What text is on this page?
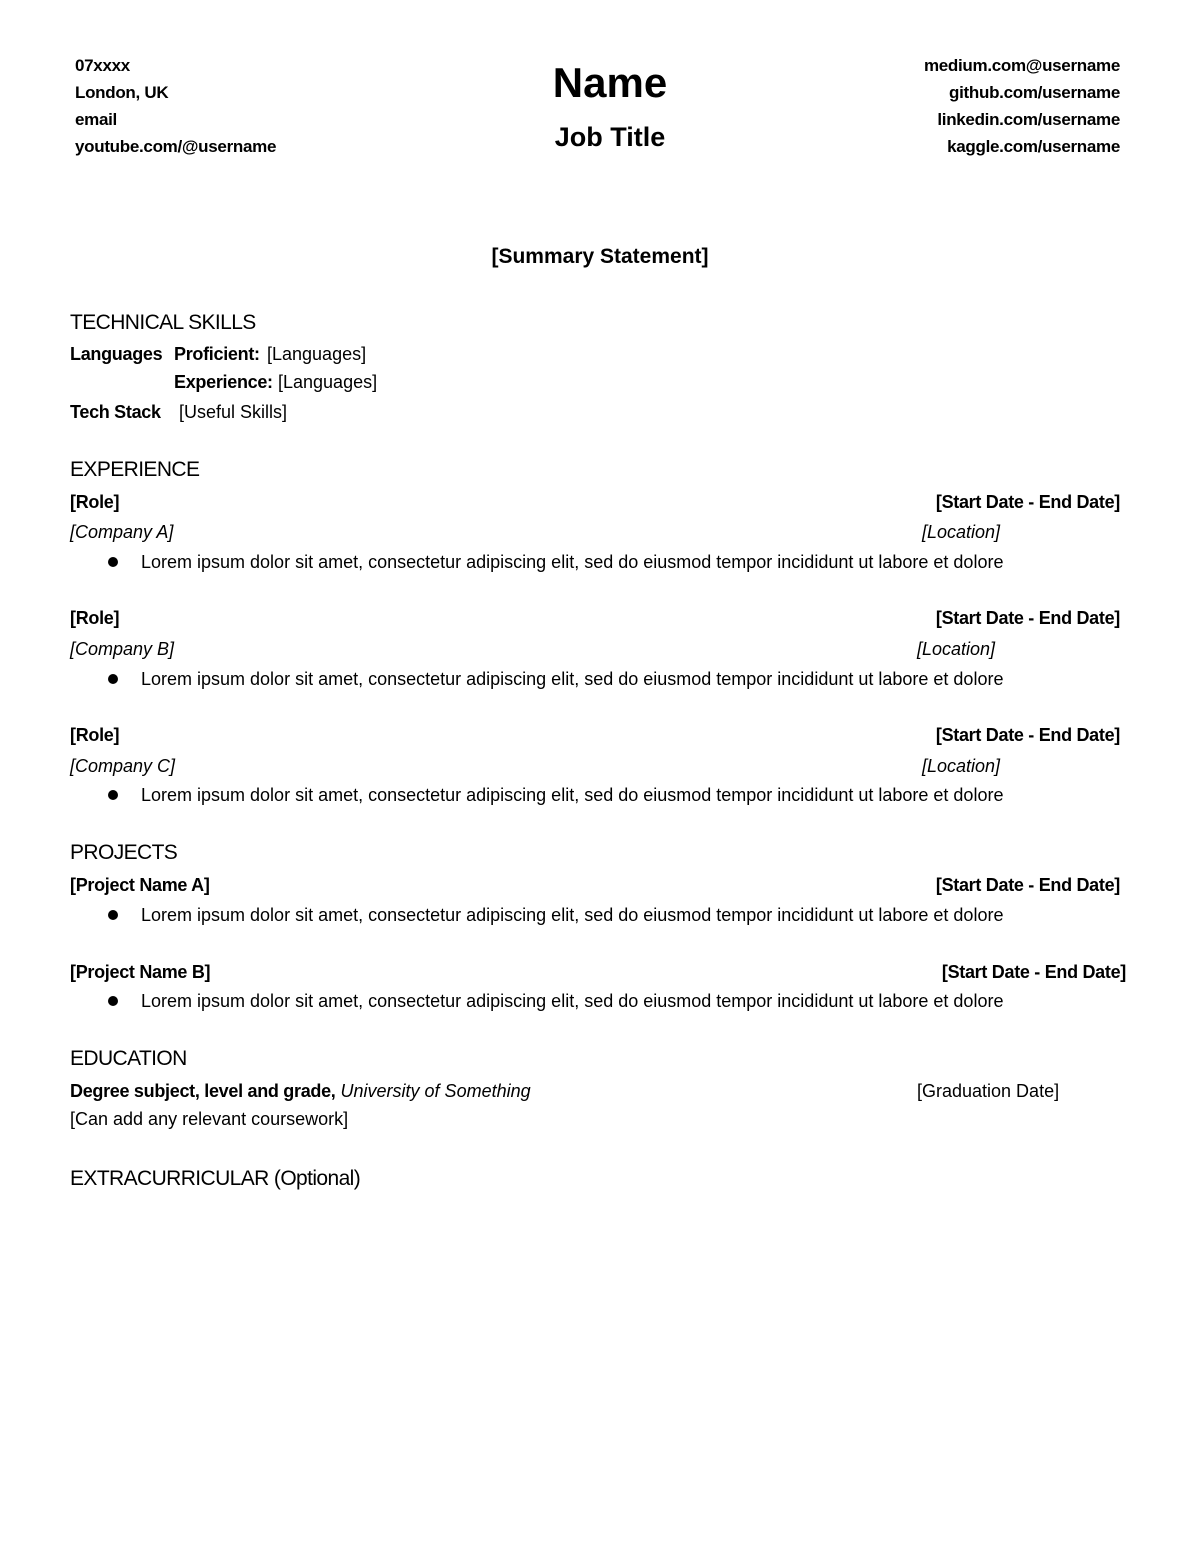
07xxxx
London, UK
email
youtube.com/@username
Name
Job Title
medium.com@username
github.com/username
linkedin.com/username
kaggle.com/username
[Summary Statement]
TECHNICAL SKILLS
Languages Proficient: [Languages]
Experience: [Languages]
Tech Stack [Useful Skills]
EXPERIENCE
[Role]	[Start Date - End Date]
[Company A]	[Location]
Lorem ipsum dolor sit amet, consectetur adipiscing elit, sed do eiusmod tempor incididunt ut labore et dolore
[Role]	[Start Date - End Date]
[Company B]	[Location]
Lorem ipsum dolor sit amet, consectetur adipiscing elit, sed do eiusmod tempor incididunt ut labore et dolore
[Role]	[Start Date - End Date]
[Company C]	[Location]
Lorem ipsum dolor sit amet, consectetur adipiscing elit, sed do eiusmod tempor incididunt ut labore et dolore
PROJECTS
[Project Name A]	[Start Date - End Date]
Lorem ipsum dolor sit amet, consectetur adipiscing elit, sed do eiusmod tempor incididunt ut labore et dolore
[Project Name B]	[Start Date - End Date]
Lorem ipsum dolor sit amet, consectetur adipiscing elit, sed do eiusmod tempor incididunt ut labore et dolore
EDUCATION
Degree subject, level and grade, University of Something	[Graduation Date]
[Can add any relevant coursework]
EXTRACURRICULAR (Optional)
